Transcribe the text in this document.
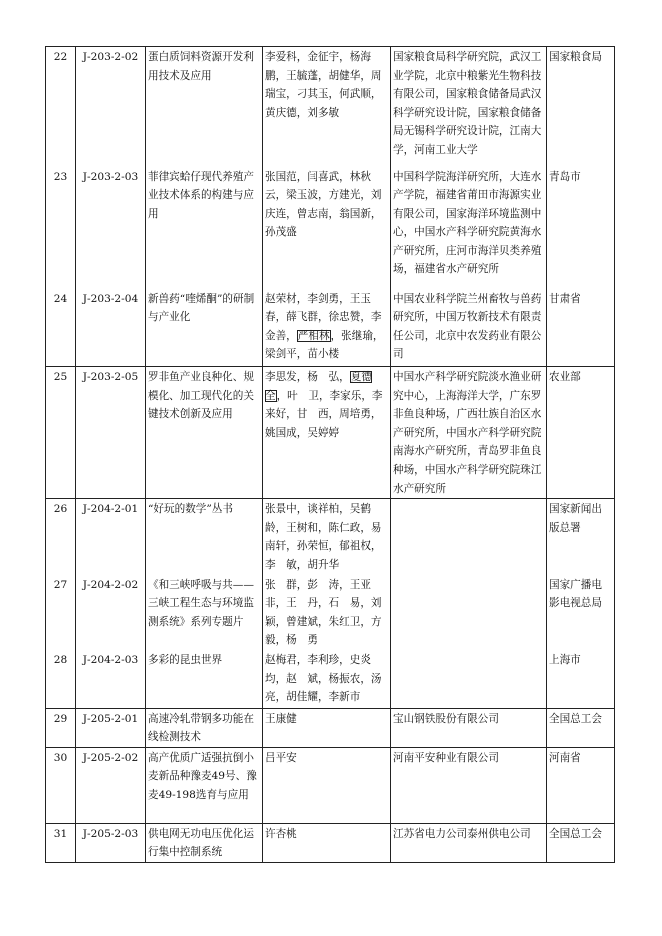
22	J-203-2-02	蛋白质饲料资源开发利用技术及应用	李爱科，金征宇，杨海鹏，王毓蓬，胡健华，周瑞宝，刁其玉，何武顺，黄庆德，刘多敏	国家粮食局科学研究院，武汉工业学院，北京中粮紫光生物科技有限公司，国家粮食储备局武汉科学研究设计院，国家粮食储备局无锡科学研究设计院，江南大学，河南工业大学	国家粮食局
23	J-203-2-03	菲律宾蛤仔现代养殖产业技术体系的构建与应用	张国范，闫喜武，林秋云，梁玉波，方建光，刘庆连，曾志南，翁国新，孙茂盛	中国科学院海洋研究所，大连水产学院，福建省莆田市海源实业有限公司，国家海洋环境监测中心，中国水产科学研究院黄海水产研究所，庄河市海洋贝类养殖场，福建省水产研究所	青岛市
24	J-203-2-04	新兽药“喹烯酮”的研制与产业化	赵荣材，李剑勇，王玉春，薛飞群，徐忠赞，李金善，严相林，张继瑜，梁剑平，苗小楼	中国农业科学院兰州畜牧与兽药研究所，中国万牧新技术有限责任公司，北京中农发药业有限公司	甘肃省
25	J-203-2-05	罗非鱼产业良种化、规模化、加工现代化的关键技术创新及应用	李思发，杨　弘，夏德全，叶　卫，李家乐，李来好，甘　西，周培勇，姚国成，吴婷婷	中国水产科学研究院淡水渔业研究中心，上海海洋大学，广东罗非鱼良种场，广西壮族自治区水产研究所，中国水产科学研究院南海水产研究所，青岛罗非鱼良种场，中国水产科学研究院珠江水产研究所	农业部
26	J-204-2-01	“好玩的数学”丛书	张景中，谈祥柏，吴鹤龄，王树和，陈仁政，易南轩，孙荣恒，郁祖权，李　敏，胡升华		国家新闻出版总署
27	J-204-2-02	《和三峡呼吸与共——三峡工程生态与环境监测系统》系列专题片	张　群，彭　涛，王亚非，王　丹，石　易，刘　颖，曾建斌，朱红卫，方　毅，杨　勇		国家广播电影电视总局
28	J-204-2-03	多彩的昆虫世界	赵梅君，李利珍，史炎均，赵　斌，杨振农，汤　亮，胡佳耀，李新市		上海市
29	J-205-2-01	高速冷轧带钢多功能在线检测技术	王康健	宝山钢铁股份有限公司	全国总工会
30	J-205-2-02	高产优质广适强抗倒小麦新品种豫麦49号、豫麦49-198选育与应用	吕平安	河南平安种业有限公司	河南省
31	J-205-2-03	供电网无功电压优化运行集中控制系统	许杏桃	江苏省电力公司泰州供电公司	全国总工会
